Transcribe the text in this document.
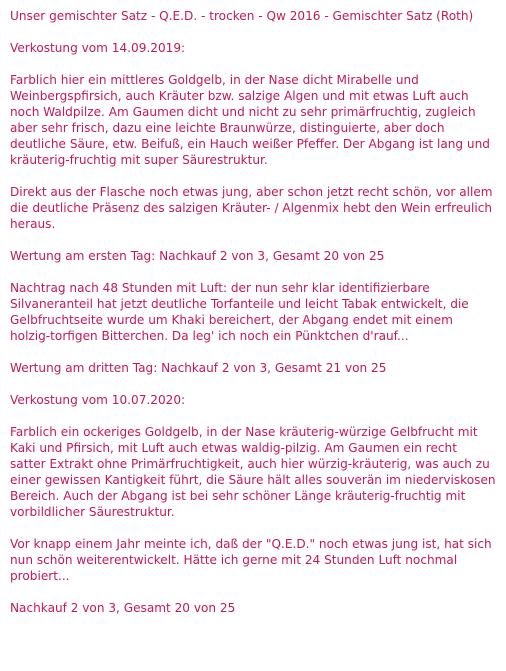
Unser gemischter Satz - Q.E.D. - trocken - Qw 2016 - Gemischter Satz (Roth)
Verkostung vom 14.09.2019:
Farblich hier ein mittleres Goldgelb, in der Nase dicht Mirabelle und Weinbergspfirsich, auch Kräuter bzw. salzige Algen und mit etwas Luft auch noch Waldpilze. Am Gaumen dicht und nicht zu sehr primärfruchtig, zugleich aber sehr frisch, dazu eine leichte Braunwürze, distinguierte, aber doch deutliche Säure, etw. Beifuß, ein Hauch weißer Pfeffer. Der Abgang ist lang und kräuterig-fruchtig mit super Säurestruktur.
Direkt aus der Flasche noch etwas jung, aber schon jetzt recht schön, vor allem die deutliche Präsenz des salzigen Kräuter- / Algenmix hebt den Wein erfreulich heraus.
Wertung am ersten Tag: Nachkauf 2 von 3, Gesamt 20 von 25
Nachtrag nach 48 Stunden mit Luft: der nun sehr klar identifizierbare Silvaneranteil hat jetzt deutliche Torfanteile und leicht Tabak entwickelt, die Gelbfruchtseite wurde um Khaki bereichert, der Abgang endet mit einem holzig-torfigen Bitterchen. Da leg' ich noch ein Pünktchen d'rauf...
Wertung am dritten Tag: Nachkauf 2 von 3, Gesamt 21 von 25
Verkostung vom 10.07.2020:
Farblich ein ockeriges Goldgelb, in der Nase kräuterig-würzige Gelbfrucht mit Kaki und Pfirsich, mit Luft auch etwas waldig-pilzig. Am Gaumen ein recht satter Extrakt ohne Primärfruchtigkeit, auch hier würzig-kräuterig, was auch zu einer gewissen Kantigkeit führt, die Säure hält alles souverän im niederviskosen Bereich. Auch der Abgang ist bei sehr schöner Länge kräuterig-fruchtig mit vorbildlicher Säurestruktur.
Vor knapp einem Jahr meinte ich, daß der "Q.E.D." noch etwas jung ist, hat sich nun schön weiterentwickelt. Hätte ich gerne mit 24 Stunden Luft nochmal probiert...
Nachkauf 2 von 3, Gesamt 20 von 25
